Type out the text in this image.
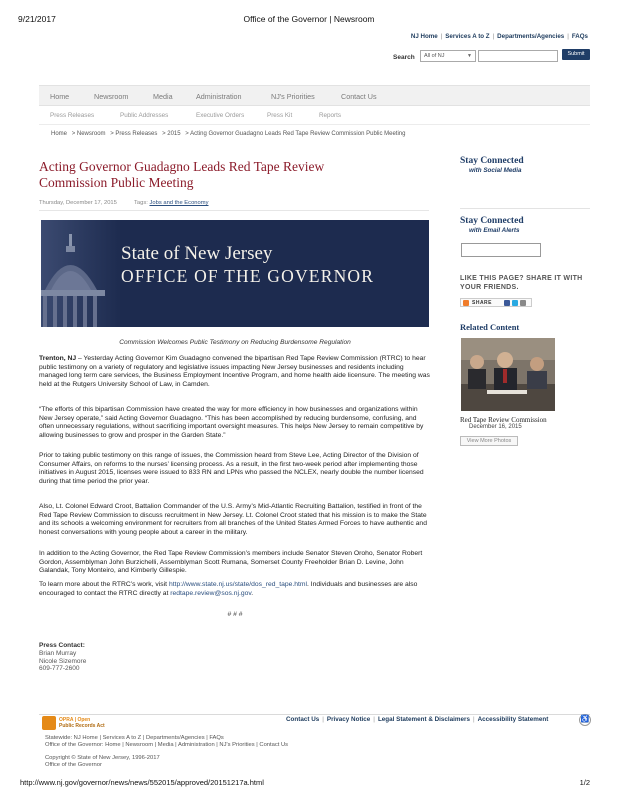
9/21/2017	Office of the Governor | Newsroom
NJ Home | Services A to Z | Departments/Agencies | FAQs
Search	All of NJ	▼	Submit
Home	Newsroom	Media	Administration	NJ's Priorities	Contact Us
Press Releases	Public Addresses	Executive Orders	Press Kit	Reports
Home > Newsroom > Press Releases > 2015 > Acting Governor Guadagno Leads Red Tape Review Commission Public Meeting
Acting Governor Guadagno Leads Red Tape Review Commission Public Meeting
Thursday, December 17, 2015	Tags: Jobs and the Economy
State of New Jersey
OFFICE OF THE GOVERNOR
Commission Welcomes Public Testimony on Reducing Burdensome Regulation
Trenton, NJ – Yesterday Acting Governor Kim Guadagno convened the bipartisan Red Tape Review Commission (RTRC) to hear public testimony on a variety of regulatory and legislative issues impacting New Jersey businesses and residents including managed long term care services, the Business Employment Incentive Program, and home health aide licensure. The meeting was held at the Rutgers University School of Law, in Camden.
“The efforts of this bipartisan Commission have created the way for more efficiency in how businesses and organizations within New Jersey operate,” said Acting Governor Guadagno. “This has been accomplished by reducing burdensome, confusing, and often unnecessary regulations, without sacrificing important oversight measures. This helps New Jersey to remain competitive by allowing businesses to grow and prosper in the Garden State.”
Prior to taking public testimony on this range of issues, the Commission heard from Steve Lee, Acting Director of the Division of Consumer Affairs, on reforms to the nurses’ licensing process. As a result, in the first two-week period after implementing those initiatives in August 2015, licenses were issued to 833 RN and LPNs who passed the NCLEX, nearly double the number licensed during that time period the prior year.
Also, Lt. Colonel Edward Croot, Battalion Commander of the U.S. Army’s Mid-Atlantic Recruiting Battalion, testified in front of the Red Tape Review Commission to discuss recruitment in New Jersey. Lt. Colonel Croot stated that his mission is to make the State and its schools a welcoming environment for recruiters from all branches of the United States Armed Forces to have authentic and honest conversations with young people about a career in the military.
In addition to the Acting Governor, the Red Tape Review Commission’s members include Senator Steven Oroho, Senator Robert Gordon, Assemblyman John Burzichelli, Assemblyman Scott Rumana, Somerset County Freeholder Brian D. Levine, John Galandak, Tony Monteiro, and Kimberly Gillespie.
To learn more about the RTRC’s work, visit http://www.state.nj.us/state/dos_red_tape.html. Individuals and businesses are also encouraged to contact the RTRC directly at redtape.review@sos.nj.gov.
# # #
Press Contact:
Brian Murray
Nicole Sizemore
609-777-2600
Stay Connected
with Social Media
Stay Connected
with Email Alerts
LIKE THIS PAGE? SHARE IT WITH YOUR FRIENDS.
SHARE
Related Content
Red Tape Review Commission
December 16, 2015
View More Photos
OPRA | Open
Public Records Act
Contact Us | Privacy Notice | Legal Statement & Disclaimers | Accessibility Statement	♿
Statewide: NJ Home | Services A to Z | Departments/Agencies | FAQs
Office of the Governor: Home | Newsroom | Media | Administration | NJ's Priorities | Contact Us
Copyright © State of New Jersey, 1996-2017
Office of the Governor
http://www.nj.gov/governor/news/news/552015/approved/20151217a.html	1/2
